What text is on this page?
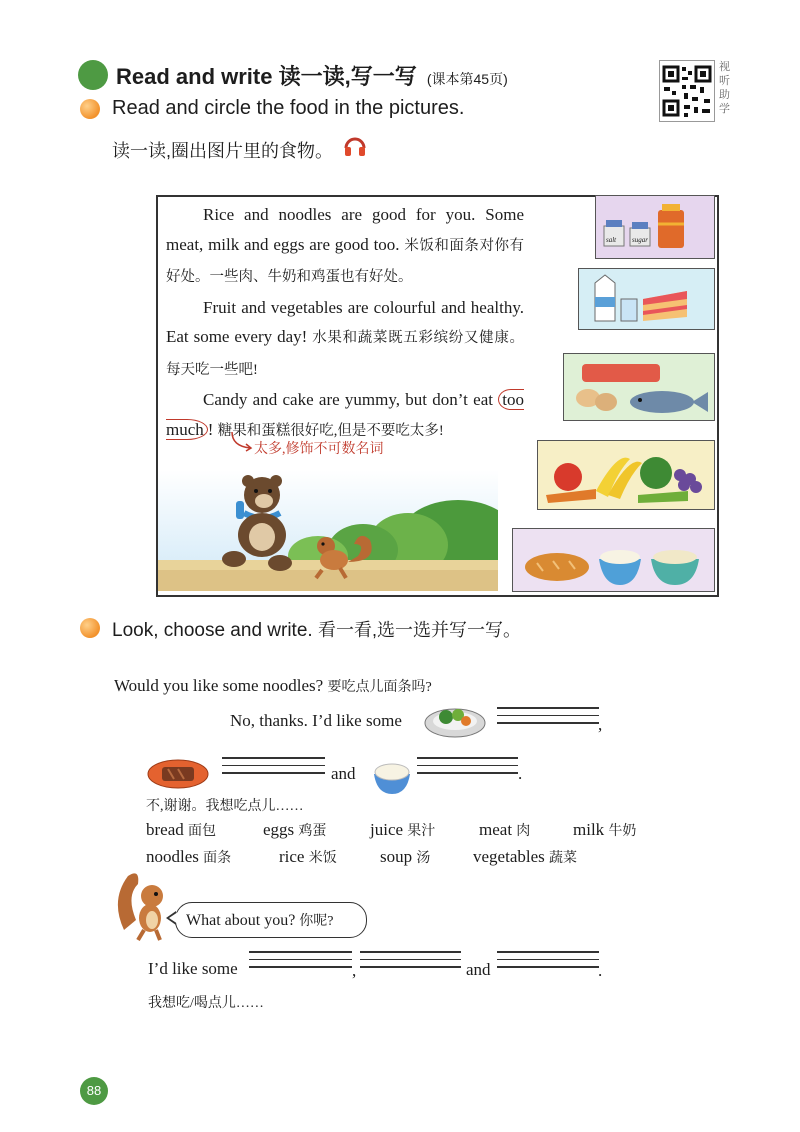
Read and write 读一读,写一写 (课本第45页)
视听助学
Read and circle the food in the pictures.
读一读,圈出图片里的食物。

Rice and noodles are good for you. Some meat, milk and eggs are good too. 米饭和面条对你有好处。一些肉、牛奶和鸡蛋也有好处。

Fruit and vegetables are colourful and healthy. Eat some every day! 水果和蔬菜既五彩缤纷又健康。每天吃一些吧!

Candy and cake are yummy, but don’t eat too much ! 糖果和蛋糕很好吃,但是不要吃太多!

太多,修饰不可数名词
salt sugar
Look, choose and write. 看一看,选一选并写一写。
Would you like some noodles? 要吃点儿面条吗?
No, thanks. I’d like some	,
and	.
不,谢谢。我想吃点儿……
bread 面包	eggs 鸡蛋	juice 果汁	meat 肉	milk 牛奶
noodles 面条	rice 米饭	soup 汤	vegetables 蔬菜
What about you? 你呢?
I’d like some	,	and	.
我想吃/喝点儿……
88
